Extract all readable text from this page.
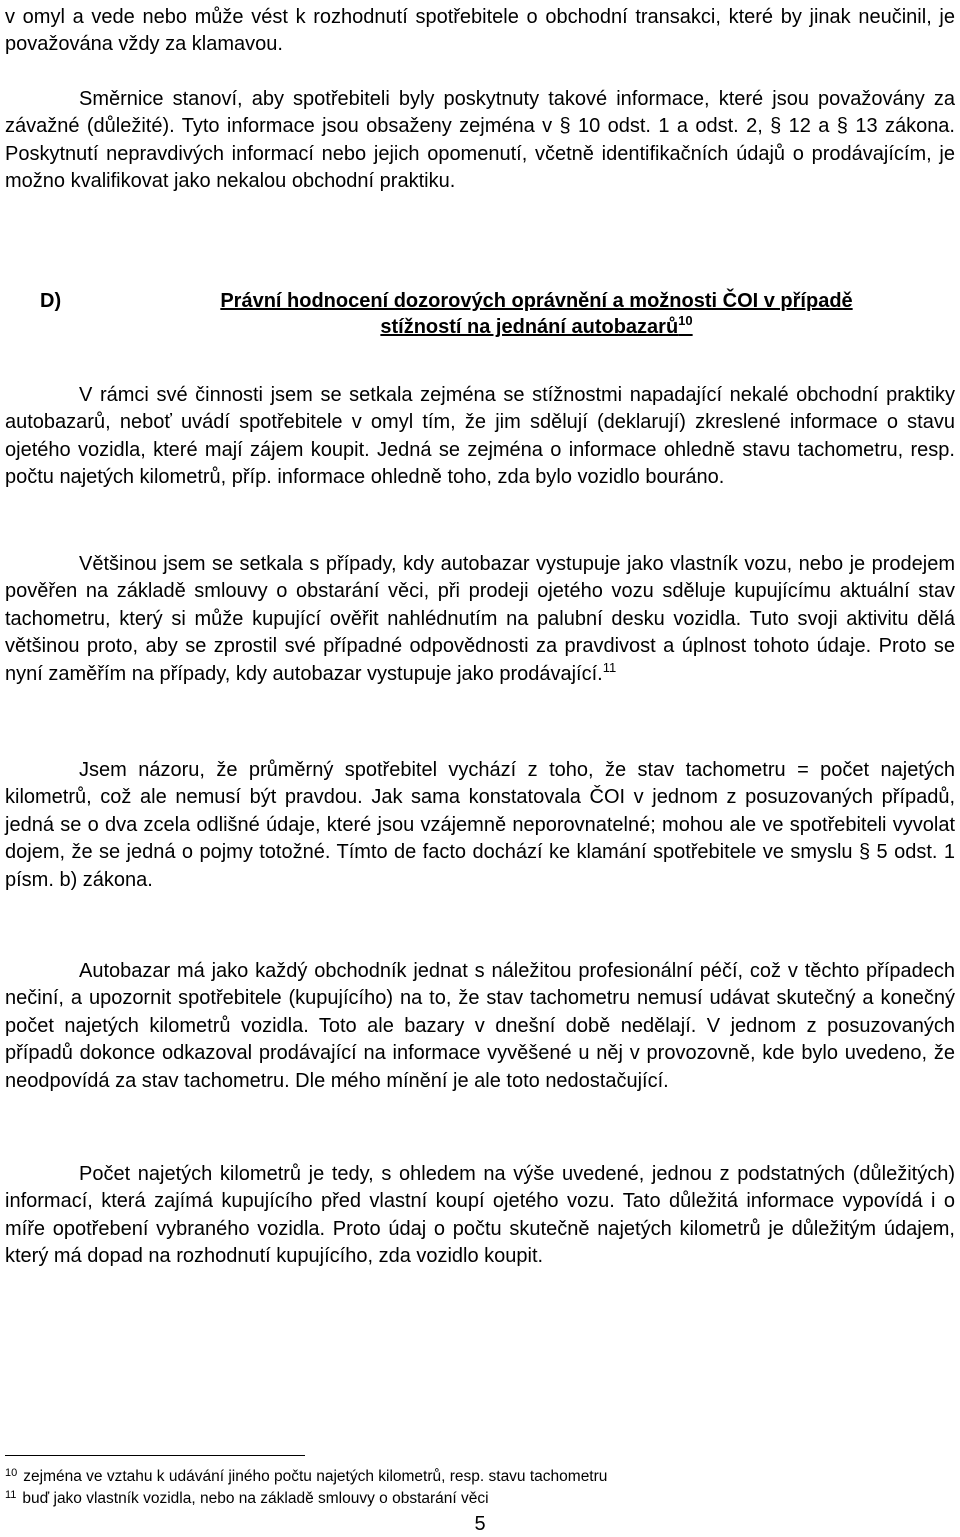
v omyl a vede nebo může vést k rozhodnutí spotřebitele o obchodní transakci, které by jinak neučinil, je považována vždy za klamavou.

Směrnice stanoví, aby spotřebiteli byly poskytnuty takové informace, které jsou považovány za závažné (důležité). Tyto informace jsou obsaženy zejména v § 10 odst. 1 a odst. 2, § 12 a § 13 zákona. Poskytnutí nepravdivých informací nebo jejich opomenutí, včetně identifikačních údajů o prodávajícím, je možno kvalifikovat jako nekalou obchodní praktiku.

D)	Právní hodnocení dozorových oprávnění a možnosti ČOI v případě
stížností na jednání autobazarů$^{10}$

V rámci své činnosti jsem se setkala zejména se stížnostmi napadající nekalé obchodní praktiky autobazarů, neboť uvádí spotřebitele v omyl tím, že jim sdělují (deklarují) zkreslené informace o stavu ojetého vozidla, které mají zájem koupit. Jedná se zejména o informace ohledně stavu tachometru, resp. počtu najetých kilometrů, příp. informace ohledně toho, zda bylo vozidlo bouráno.

Většinou jsem se setkala s případy, kdy autobazar vystupuje jako vlastník vozu, nebo je prodejem pověřen na základě smlouvy o obstarání věci, při prodeji ojetého vozu sděluje kupujícímu aktuální stav tachometru, který si může kupující ověřit nahlédnutím na palubní desku vozidla. Tuto svoji aktivitu dělá většinou proto, aby se zprostil své případné odpovědnosti za pravdivost a úplnost tohoto údaje. Proto se nyní zaměřím na případy, kdy autobazar vystupuje jako prodávající.$^{11}$

Jsem názoru, že průměrný spotřebitel vychází z toho, že stav tachometru = počet najetých kilometrů, což ale nemusí být pravdou. Jak sama konstatovala ČOI v jednom z posuzovaných případů, jedná se o dva zcela odlišné údaje, které jsou vzájemně neporovnatelné; mohou ale ve spotřebiteli vyvolat dojem, že se jedná o pojmy totožné. Tímto de facto dochází ke klamání spotřebitele ve smyslu § 5 odst. 1 písm. b) zákona.

Autobazar má jako každý obchodník jednat s náležitou profesionální péčí, což v těchto případech nečiní, a upozornit spotřebitele (kupujícího) na to, že stav tachometru nemusí udávat skutečný a konečný počet najetých kilometrů vozidla. Toto ale bazary v dnešní době nedělají. V jednom z posuzovaných případů dokonce odkazoval prodávající na informace vyvěšené u něj v provozovně, kde bylo uvedeno, že neodpovídá za stav tachometru. Dle mého mínění je ale toto nedostačující.

Počet najetých kilometrů je tedy, s ohledem na výše uvedené, jednou z podstatných (důležitých) informací, která zajímá kupujícího před vlastní koupí ojetého vozu. Tato důležitá informace vypovídá i o míře opotřebení vybraného vozidla. Proto údaj o počtu skutečně najetých kilometrů je důležitým údajem, který má dopad na rozhodnutí kupujícího, zda vozidlo koupit.

$^{10}$ zejména ve vztahu k udávání jiného počtu najetých kilometrů, resp. stavu tachometru
$^{11}$ buď jako vlastník vozidla, nebo na základě smlouvy o obstarání věci
5
